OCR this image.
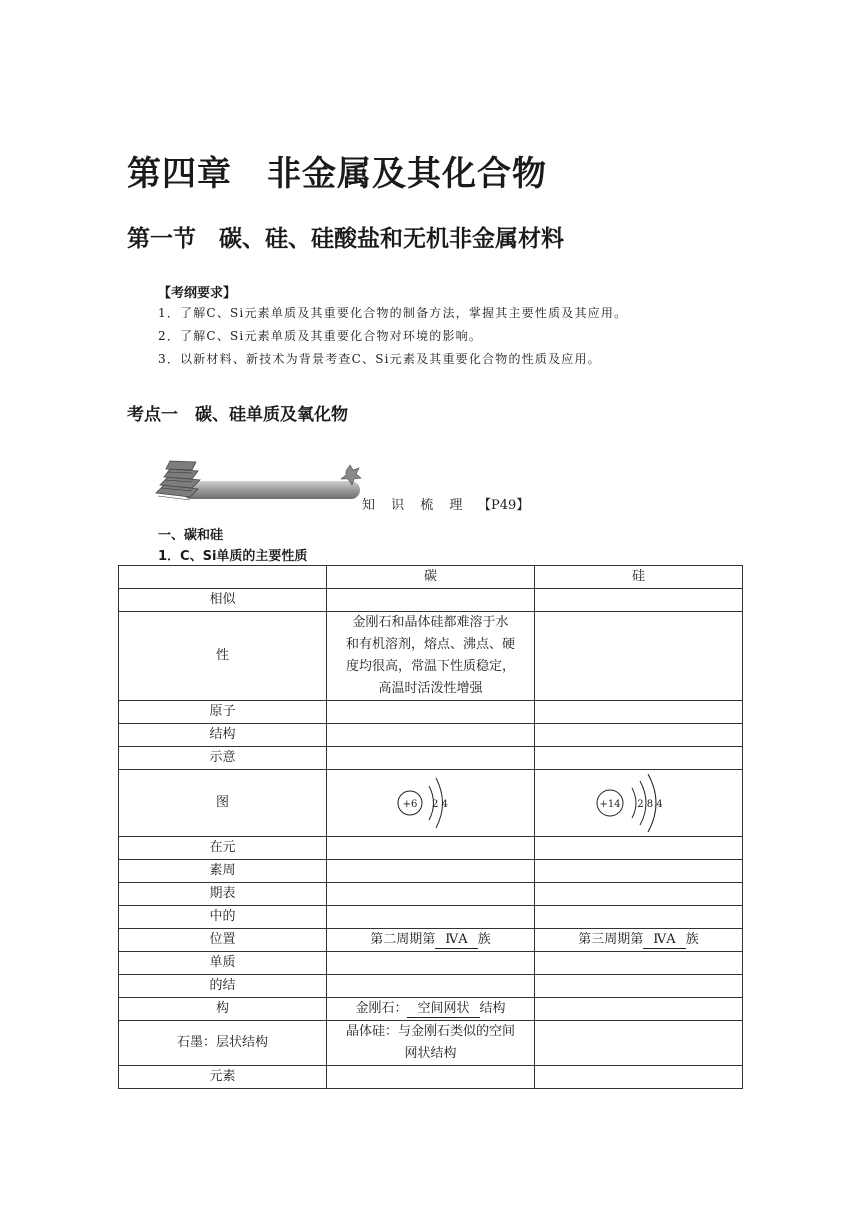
第四章　非金属及其化合物
第一节　碳、硅、硅酸盐和无机非金属材料
【考纲要求】
1．了解C、Si元素单质及其重要化合物的制备方法，掌握其主要性质及其应用。
2．了解C、Si元素单质及其重要化合物对环境的影响。
3．以新材料、新技术为背景考查C、Si元素及其重要化合物的性质及应用。
考点一　碳、硅单质及氧化物
知 识 梳 理 【P49】
一、碳和硅
1．C、Si单质的主要性质
	碳	硅
相似		
性	金刚石和晶体硅都难溶于水
和有机溶剂，熔点、沸点、硬
度均很高，常温下性质稳定，
高温时活泼性增强	

原子		
结构		
示意		
图	+6 2 4	+14 2 8 4

在元		
素周		
期表		
中的		
位置	第二周期第 ⅣA 族	第三周期第 ⅣA 族
单质		
的结		
构	金刚石： 空间网状 结构	
石墨：层状结构	晶体硅：与金刚石类似的空间
网状结构	

元素		
